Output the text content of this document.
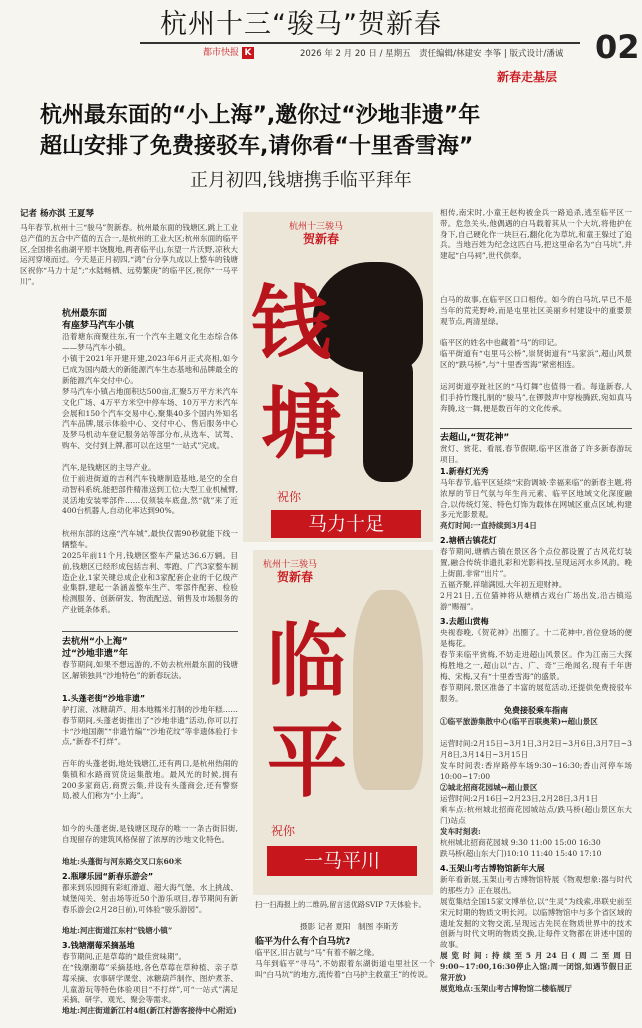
杭州十三“骏马”贺新春
都市快报 K	2026 年 2 月 20 日 / 星期五　责任编辑/林建安 李筝 | 版式设计/潘诚 02
新春走基层
杭州最东面的“小上海”,邀你过“沙地非遗”年
超山安排了免费接驳车,请你看“十里香雪海”
正月初四,钱塘携手临平拜年
记者 杨亦淇 王夏琴
马年春节,杭州十三“骏马”贺新春。杭州最东面的钱塘区,跳上工业总产值的五合中产值的五合一,是杭州的工业大区;杭州东面的临平区,全国排名曲湖平原丰饶腹地,两者临平山,东望一片沃野,凉秋大运河穿境而过。今天是正月初四,“鸿”台分享九成以上整车的钱塘区祝你“马力十足”;“水陆畅栖、远势繁庚”的临平区,祝你“一马平川”。
杭州最东面
有座梦马汽车小镇
沿着塘东商聚往东,有一个汽车主题文化生态综合体——梦马汽车小镇。
小镇于2021年开建开建,2023年6月正式亮相,如今已成为国内最大的新能源汽车生态基地和品牌最全的新能源汽车交付中心。
梦马汽车小镇占地面积达500亩,汇聚5万平方米汽车文化广场、4万平方米空中停车场、10万平方米汽车会展和150个汽车交易中心,聚集40多个国内外知名汽车品牌,展示体验中心、交付中心、售后服务中心及梦马机动车登记服务站等部分布,从选车、试驾、购车、交付到上牌,都可以在这里“一站式”完成。
汽车,是钱塘区的主导产业。
位于前进街道的吉利汽车钱塘制造基地,是空的全自动智科系统,能把部件精准送到工位;大型工业机械臂,灵活地安装零部件……仅须装车底盘,然“就”来了近400台机器人,自动化率达到90%。
杭州东部的这座“汽车城”,最快仅需90秒就能下线一辆整车。
2025年前11个月,钱塘区整车产量达36.6万辆。目前,钱塘区已经形成包括吉利、零跑、广汽3家整车制造企业,1家关键总成企业和3家配套企业的千亿级产业集群,建起一条涵盖整车生产、零部件配套、检验检测服务、创新研发、物流配送、销售及市场服务的产业链条体系。
去杭州“小上海”
过“沙地非遗”年
春节期间,如果不想远游的,不妨去杭州最东面的钱塘区,解锁独具“沙地特色”的新春玩法。
1.头蓬老街“沙地非遗”
驴打滚、冰糖葫芦、用本地糯米打制的沙地年糕……春节期间,头蓬老街推出了“沙地非遗”活动,你可以打卡“沙地国潮”“非遗竹编”“沙地花纹”等非遗体验打卡点,“新春不打烊”。
百年的头蓬老街,地处钱塘江,还有两口,是杭州热闹的集镇和水路商贸货运集散地。最风光的时候,拥有200多家商店,商贾云集,并设有头蓬商会,还有警察局,被人们称为“小上海”。
如今的头蓬老街,是钱塘区现存的唯一一条古街旧街,自现留存的建筑风格保留了浓厚的沙地文化特色。
地址:头蓬街与河东路交叉口东60米
2.瓶嗲乐园“新春乐游会”
都来到乐园拥有彩虹滑道、超大海气堡、水上挑战、城堡闯关、射击场等近50个游乐项目,春节期间有新春乐游会(2月28日前),可体验“骏乐游园”。
地址:河庄街道江东村“钱塘小镇”
3.钱塘潮莓采摘基地
春节期间,正是草莓的“最佳赏味期”。
在“钱潮潮莓”采摘基地,各色草莓在草种植、亲子草莓采摘、农事研学课堂、冰糖葫芦制作、图炉煮茶、儿童游玩等特色体验项目“不打烊”,可“一站式”满足采摘、研学、观光、聚会等需求。
地址:河庄街道新江村4组(新江村游客接待中心附近)
杭州十三骏马
贺新春
钱
塘
祝你
马力十足
杭州十三骏马
贺新春
临
平
祝你
一马平川
扫一扫海报上的二维码,留言送优路SVIP 7天体验卡。
摄影 记者 夏阳　制图 李斯芳
临平为什么有个白马坑?
临平区,旧古就与“马”有着不解之缘。
马年到临平“寻马”,不妨跟着东湖街道屯里社区一个叫“白马坑”的地方,流传着“白马护主救童王”的传说。
相传,南宋时,小童王赵构被金兵一路追杀,逃至临平区一带。危急关头,他偶遇的白马载着其从一个大坑,将他护在身下,自己硬化作一块巨石,翻化化为草坑,和童王躲过了追兵。当地百姓为纪念这匹白马,把这里命名为“白马坑”,并建起“白马祠”,世代供奉。
白马的故事,在临平区口口相传。如今的白马坑,早已不是当年的荒芜野岭,而是屯里社区美丽乡村建设中的重要景观节点,两清星绿。
临平区的姓名中也藏着“马”的印记。
临平街道有“屯里马公桥”,崇贤街道有“马家浜”,超山风景区的“跌马桥”,与“十里香雪海”紧密相连。
运河街道亭趾社区的“马灯舞”也值得一看。每逢新春,人们手持竹篾扎制的“骏马”,在锣鼓声中穿梭腾跃,宛如真马奔腾,这一舞,便是数百年的文化传承。
去超山,“贺花神”
赏灯、赏花、看展,春节假期,临平区准备了许多新春游玩项目。
1.新春灯光秀
马年春节,临平区延续“宋韵调城·幸福来临”的新春主题,将浓厚的节日气氛与年生肖元素、临平区地域文化深度融合,以传统灯笼、特色灯饰为载体在网城区重点区域,构建多元光影景观。
亮灯时间:一直持续到3月4日
2.塘栖古镇花灯
春节期间,塘栖古镇在景区各个点位都设置了古风花灯装置,融合传统非遗扎彩和光影科技,呈现运河水乡风韵。晚上街面,非常“出片”。
五福齐聚,祥瑞满园,大年初五迎财神。
2月21日,五位猫神将从塘栖古戏台广场出发,沿古镇巡游“赐福”。
3.去超山赏梅
央视春晚,《贺花神》出圈了。十二花神中,首位登场的便是梅花。
春节来临平赏梅,不妨走进超山风景区。作为江南三大探梅胜地之一,超山以“古、广、奇”三绝闻名,现有千年唐梅、宋梅,又有“十里香雪海”的盛景。
春节期间,景区准备了丰富的展览活动,还提供免费接驳车服务。
免费接驳乘车指南
①临平旅游集散中心(临平百联奥莱)↔超山景区
运营时间:2月15日~3月1日,3月2日~3月6日,3月7日~3月8日,3月14日~3月15日
发车时间表:香岸路停车场9:30~16:30;香山河停车场10:00~17:00
②城北招商花园城↔超山景区
运营时间:2月16日~2月23日,2月28日,3月1日
乘车点:杭州城北招商花园城站点/跌马桥(超山景区东大门)站点
发车时刻表:
杭州城北招商花园城 9:30 11:00 15:00 16:30
跌马桥(超山东大门)10:10 11:40 15:40 17:10
4.玉架山考古博物馆新年大展
新年看新展,玉架山考古博物馆特展《物观想象:器与时代的那些力》正在展出。
展览集结全国15家文博单位,以“生灵”为线索,串联史前至宋元时期的物质文明长河。以临博物馆中与多个省区域的遗址发掘的文物交流,呈现远古先民在物质世界中的技术创新与时代文明的物质交换,让每件文物都在讲述中国的故事。
展览时间:持续至5月24日(周二至周日9:00~17:00,16:30停止入馆;周一闭馆,如遇节假日正常开放)
展览地点:玉架山考古博物馆二楼临展厅
